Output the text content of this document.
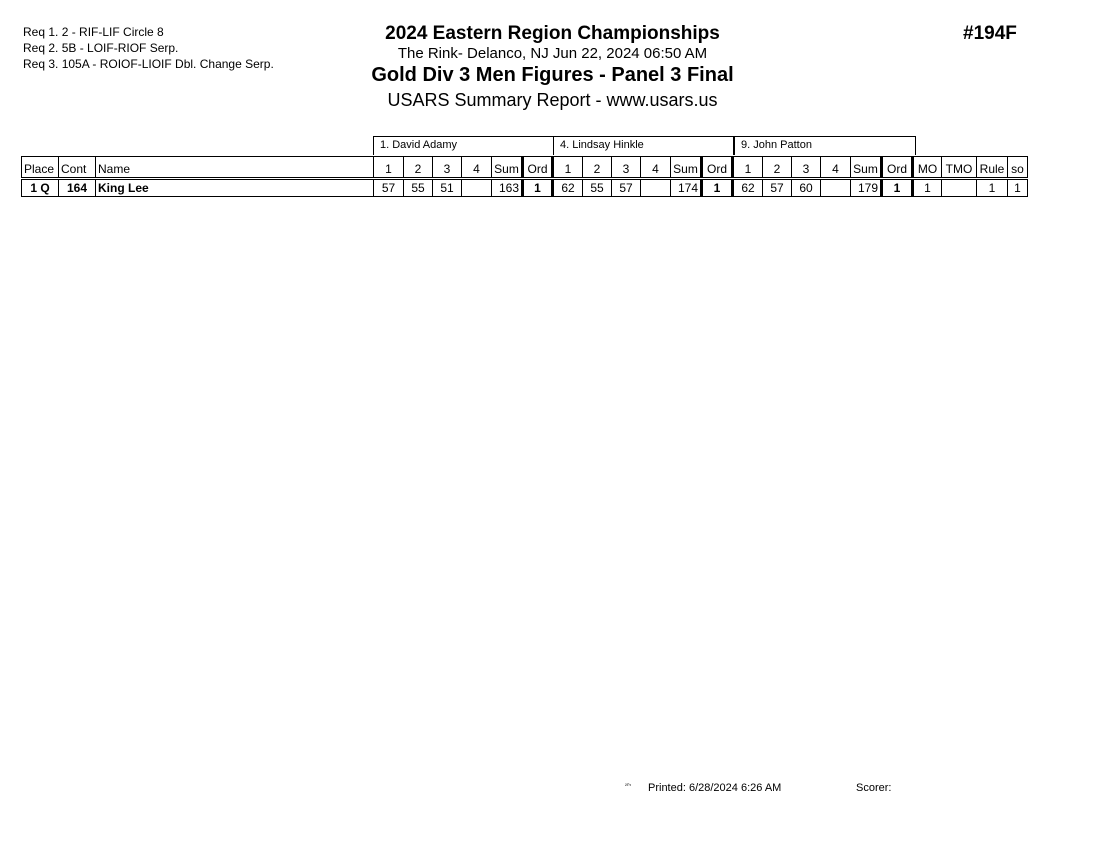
Req 1. 2 - RIF-LIF Circle 8
Req 2. 5B - LOIF-RIOF Serp.
Req 3. 105A - ROIOF-LIOIF Dbl. Change Serp.
2024 Eastern Region Championships
The Rink- Delanco, NJ Jun 22, 2024 06:50 AM
Gold Div 3 Men Figures - Panel 3 Final
USARS Summary Report - www.usars.us
#194F
1. David Adamy	4. Lindsay Hinkle	9. John Patton
Place	Cont	Name	1	2	3	4	Sum	Ord	1	2	3	4	Sum	Ord	1	2	3	4	Sum	Ord	MO	TMO	Rule	so
1 Q	164	King Lee	57	55	51		163	1	62	55	57		174	1	62	57	60		179	1	1		1	1
²³'⁵ Printed: 6/28/2024 6:26 AM	Scorer:
